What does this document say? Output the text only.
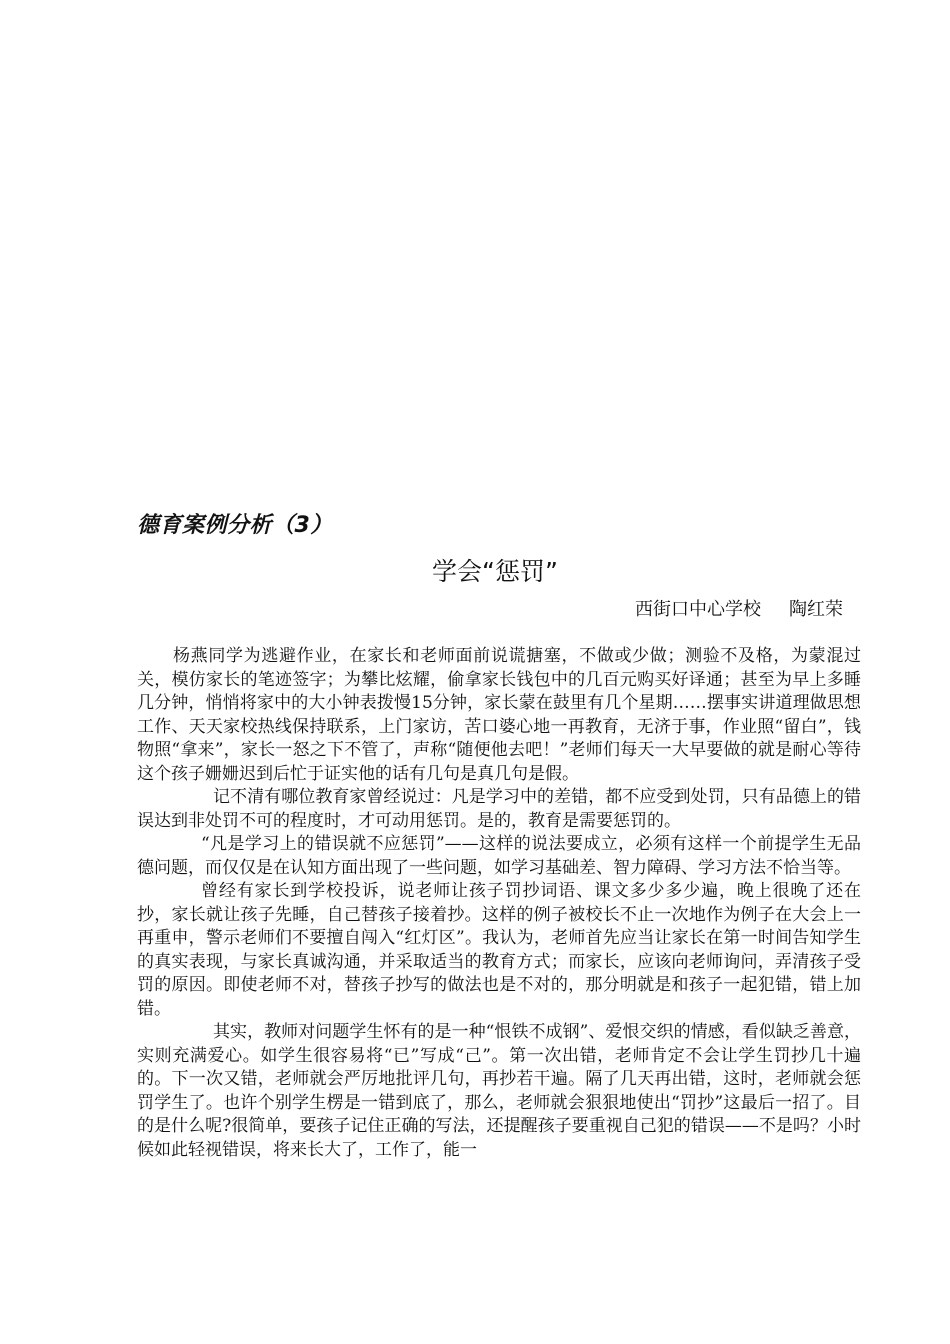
德育案例分析（3）
学会“惩罚”
西街口中心学校 陶红荣

杨燕同学为逃避作业，在家长和老师面前说谎搪塞，不做或少做；测验不及格，为蒙混过关，模仿家长的笔迹签字；为攀比炫耀，偷拿家长钱包中的几百元购买好译通；甚至为早上多睡几分钟，悄悄将家中的大小钟表拨慢15分钟，家长蒙在鼓里有几个星期……摆事实讲道理做思想工作、天天家校热线保持联系，上门家访，苦口婆心地一再教育，无济于事，作业照“留白”，钱物照“拿来”，家长一怒之下不管了，声称“随便他去吧！”老师们每天一大早要做的就是耐心等待这个孩子姗姗迟到后忙于证实他的话有几句是真几句是假。

记不清有哪位教育家曾经说过：凡是学习中的差错，都不应受到处罚，只有品德上的错误达到非处罚不可的程度时，才可动用惩罚。是的，教育是需要惩罚的。

“凡是学习上的错误就不应惩罚”——这样的说法要成立，必须有这样一个前提学生无品德问题，而仅仅是在认知方面出现了一些问题，如学习基础差、智力障碍、学习方法不恰当等。

曾经有家长到学校投诉，说老师让孩子罚抄词语、课文多少多少遍，晚上很晚了还在抄，家长就让孩子先睡，自己替孩子接着抄。这样的例子被校长不止一次地作为例子在大会上一再重申，警示老师们不要擅自闯入“红灯区”。我认为，老师首先应当让家长在第一时间告知学生的真实表现，与家长真诚沟通，并采取适当的教育方式；而家长，应该向老师询问，弄清孩子受罚的原因。即使老师不对，替孩子抄写的做法也是不对的，那分明就是和孩子一起犯错，错上加错。

其实，教师对问题学生怀有的是一种“恨铁不成钢”、爱恨交织的情感，看似缺乏善意，实则充满爱心。如学生很容易将“已”写成“己”。第一次出错，老师肯定不会让学生罚抄几十遍的。下一次又错，老师就会严厉地批评几句，再抄若干遍。隔了几天再出错，这时，老师就会惩罚学生了。也许个别学生楞是一错到底了，那么，老师就会狠狠地使出“罚抄”这最后一招了。目的是什么呢?很简单，要孩子记住正确的写法，还提醒孩子要重视自己犯的错误——不是吗？小时候如此轻视错误，将来长大了，工作了，能一
